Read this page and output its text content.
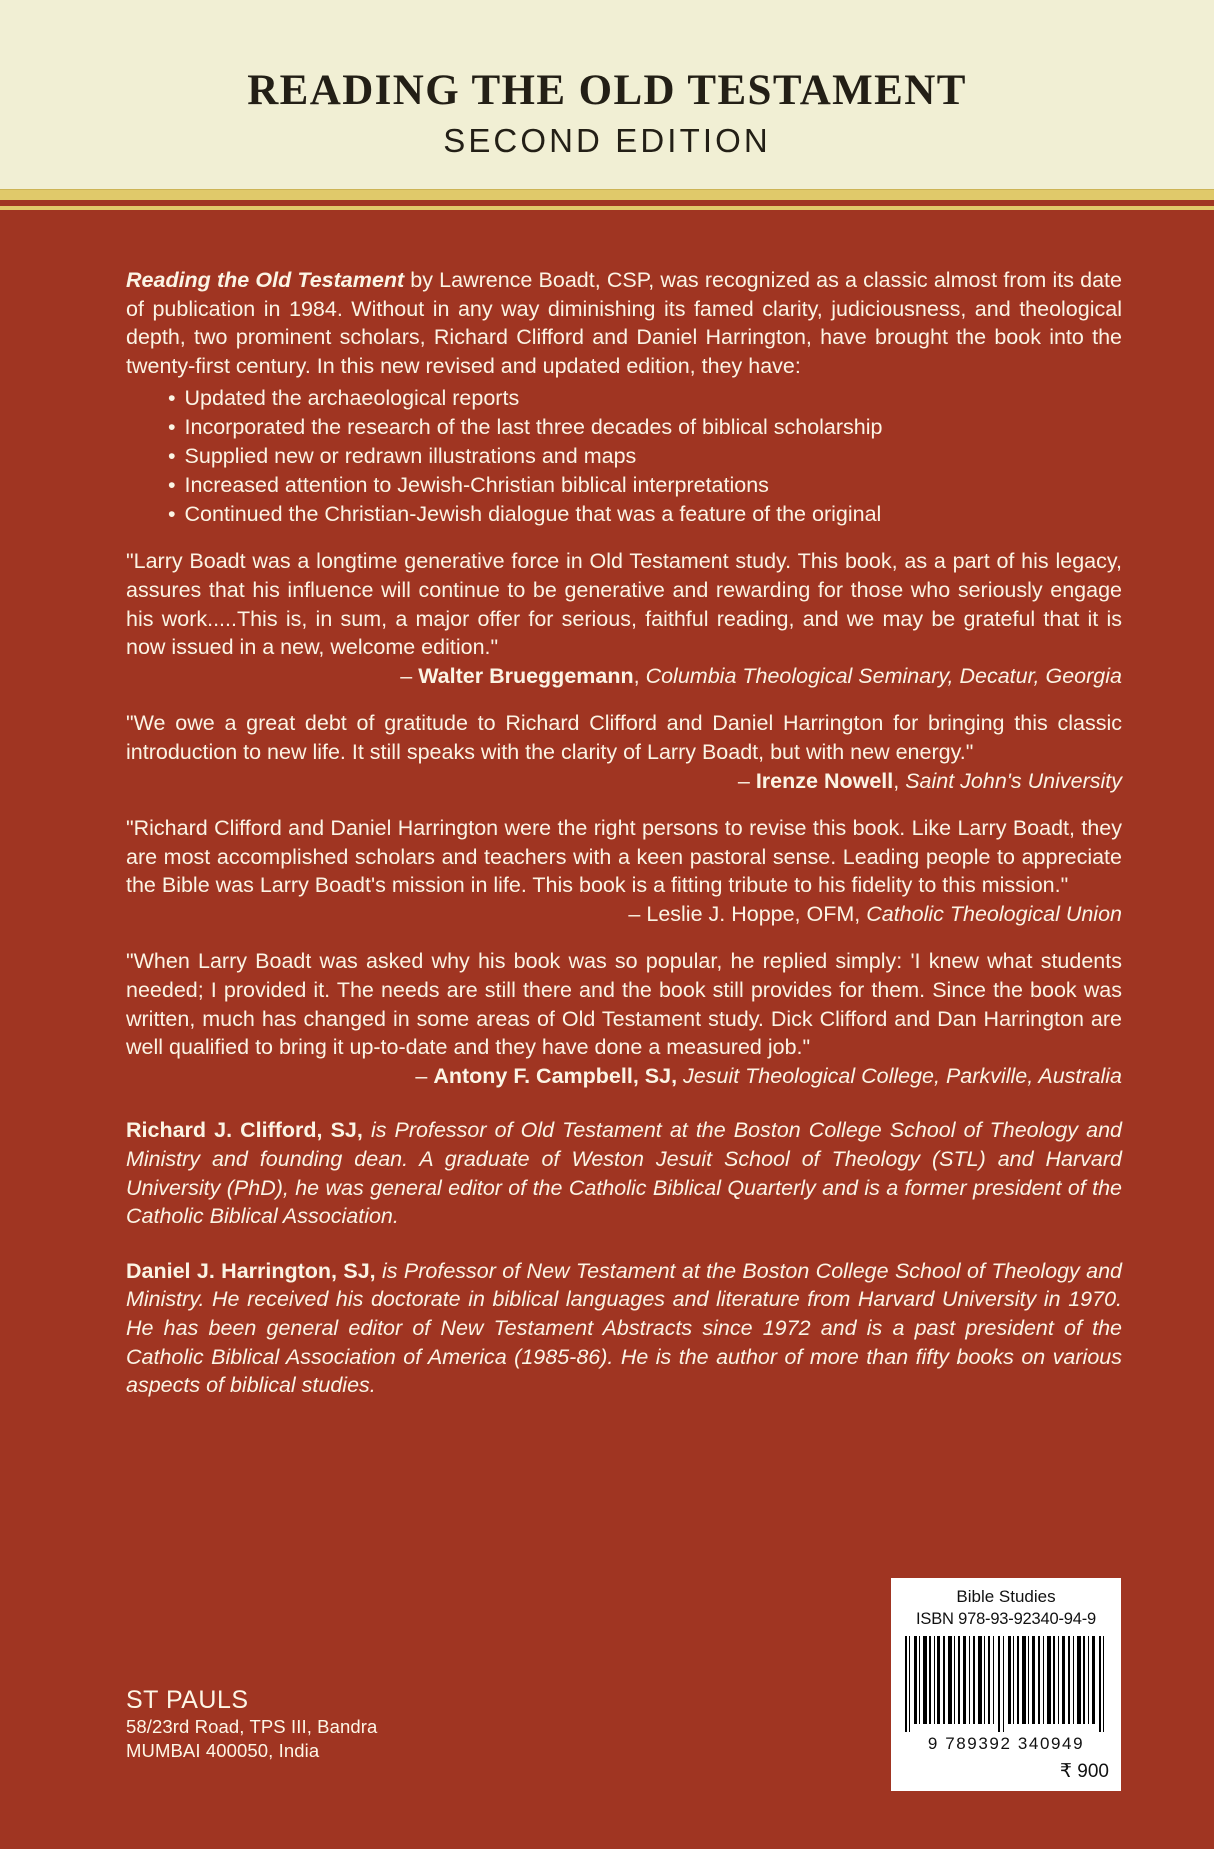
READING THE OLD TESTAMENT
SECOND EDITION

Reading the Old Testament by Lawrence Boadt, CSP, was recognized as a classic almost from its date of publication in 1984. Without in any way diminishing its famed clarity, judiciousness, and theological depth, two prominent scholars, Richard Clifford and Daniel Harrington, have brought the book into the twenty-first century. In this new revised and updated edition, they have:

• Updated the archaeological reports
• Incorporated the research of the last three decades of biblical scholarship
• Supplied new or redrawn illustrations and maps
• Increased attention to Jewish-Christian biblical interpretations
• Continued the Christian-Jewish dialogue that was a feature of the original

"Larry Boadt was a longtime generative force in Old Testament study. This book, as a part of his legacy, assures that his influence will continue to be generative and rewarding for those who seriously engage his work.....This is, in sum, a major offer for serious, faithful reading, and we may be grateful that it is now issued in a new, welcome edition."

– Walter Brueggemann, Columbia Theological Seminary, Decatur, Georgia

"We owe a great debt of gratitude to Richard Clifford and Daniel Harrington for bringing this classic introduction to new life. It still speaks with the clarity of Larry Boadt, but with new energy."

– Irenze Nowell, Saint John's University

"Richard Clifford and Daniel Harrington were the right persons to revise this book. Like Larry Boadt, they are most accomplished scholars and teachers with a keen pastoral sense. Leading people to appreciate the Bible was Larry Boadt's mission in life. This book is a fitting tribute to his fidelity to this mission."

– Leslie J. Hoppe, OFM, Catholic Theological Union

"When Larry Boadt was asked why his book was so popular, he replied simply: 'I knew what students needed; I provided it. The needs are still there and the book still provides for them. Since the book was written, much has changed in some areas of Old Testament study. Dick Clifford and Dan Harrington are well qualified to bring it up-to-date and they have done a measured job."

– Antony F. Campbell, SJ, Jesuit Theological College, Parkville, Australia

Richard J. Clifford, SJ, is Professor of Old Testament at the Boston College School of Theology and Ministry and founding dean. A graduate of Weston Jesuit School of Theology (STL) and Harvard University (PhD), he was general editor of the Catholic Biblical Quarterly and is a former president of the Catholic Biblical Association.

Daniel J. Harrington, SJ, is Professor of New Testament at the Boston College School of Theology and Ministry. He received his doctorate in biblical languages and literature from Harvard University in 1970. He has been general editor of New Testament Abstracts since 1972 and is a past president of the Catholic Biblical Association of America (1985-86). He is the author of more than fifty books on various aspects of biblical studies.

ST PAULS
58/23rd Road, TPS III, Bandra
MUMBAI 400050, India
Bible Studies
ISBN 978-93-92340-94-9
9 789392 340949
₹ 900
